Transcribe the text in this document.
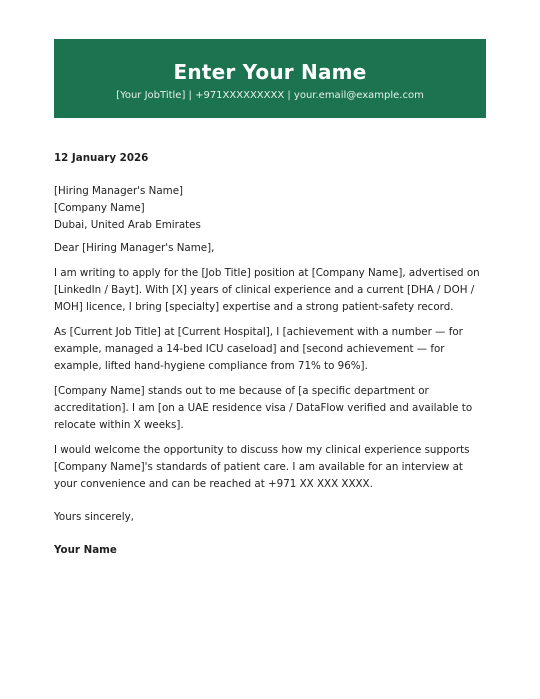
Enter Your Name
[Your JobTitle] | +971XXXXXXXXX | your.email@example.com
12 January 2026
[Hiring Manager's Name]
[Company Name]
Dubai, United Arab Emirates
Dear [Hiring Manager's Name],
I am writing to apply for the [Job Title] position at [Company Name], advertised on [LinkedIn / Bayt]. With [X] years of clinical experience and a current [DHA / DOH / MOH] licence, I bring [specialty] expertise and a strong patient-safety record.
As [Current Job Title] at [Current Hospital], I [achievement with a number — for example, managed a 14-bed ICU caseload] and [second achievement — for example, lifted hand-hygiene compliance from 71% to 96%].
[Company Name] stands out to me because of [a specific department or accreditation]. I am [on a UAE residence visa / DataFlow verified and available to relocate within X weeks].
I would welcome the opportunity to discuss how my clinical experience supports [Company Name]'s standards of patient care. I am available for an interview at your convenience and can be reached at +971 XX XXX XXXX.
Yours sincerely,
Your Name
